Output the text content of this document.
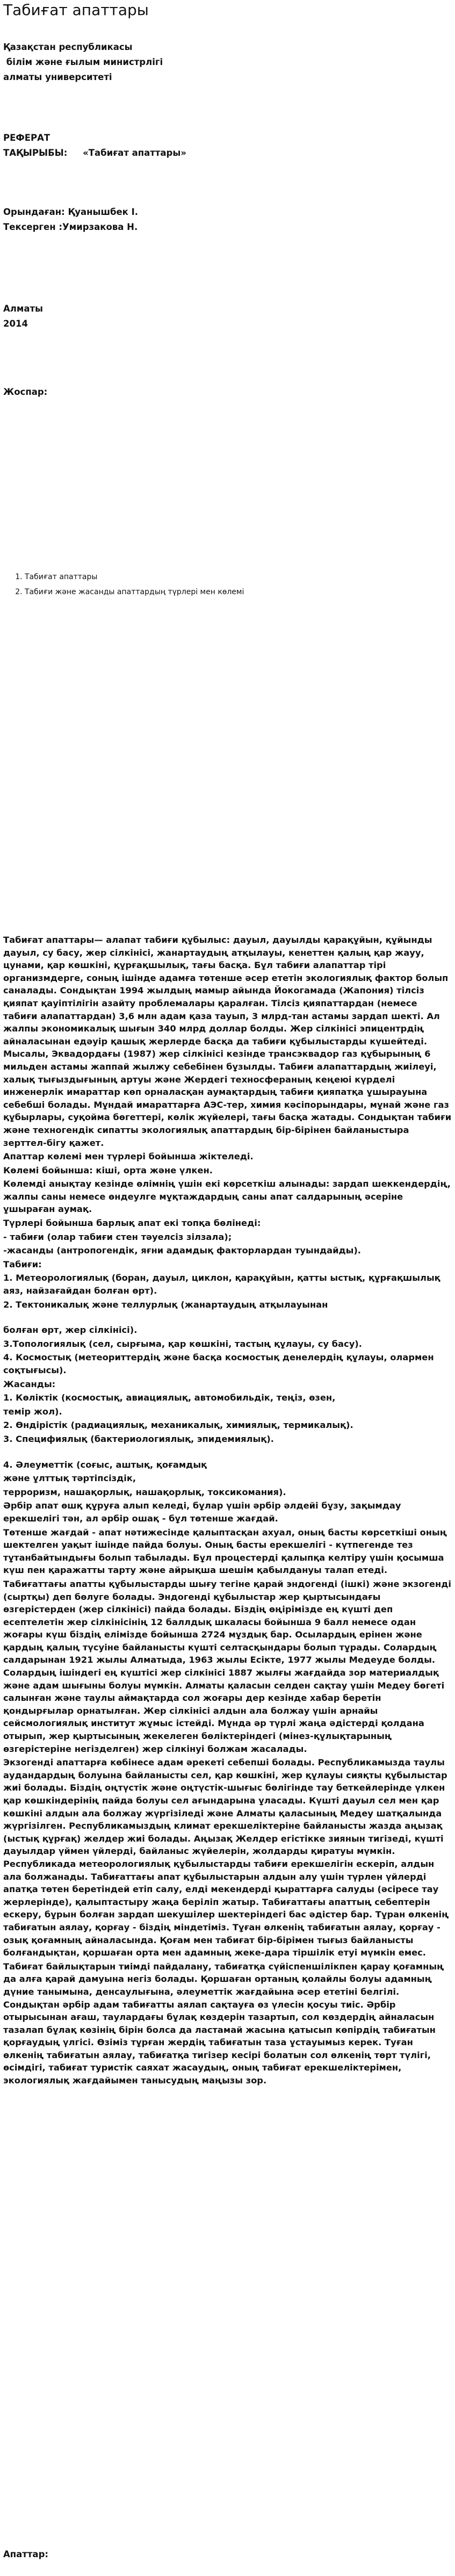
Табиғат апаттары
Қазақстан республикасы
білім және ғылым министрлігі
алматы университеті
РЕФЕРАТ
ТАҚЫРЫБЫ:     «Табиғат апаттары»
Орындаған: Қуанышбек І.
Тексерген :Умирзакова Н.
Алматы
2014
Жоспар:
1. Табиғат апаттары
2. Табиғи және жасанды апаттардың түрлері мен көлемі

Табиғат апаттары— алапат табиғи құбылыс: дауыл, дауылды қарақұйын, құйынды дауыл, су басу, жер сілкінісі, жанартаудың атқылауы, кенеттен қалың қар жауу, цунами, қар көшкіні, құрғақшылық, тағы басқа. Бұл табиғи алапаттар тірі организмдерге, соның ішінде адамға төтенше әсер ететін экологиялық фактор болып саналады. Сондықтан 1994 жылдың мамыр айында Йокогамада (Жапония) тілсіз қияпат қауіптілігін азайту проблемалары қаралған. Тілсіз қияпаттардан (немесе табиғи алапаттардан) 3,6 млн адам қаза тауып, 3 млрд-тан астамы зардап шекті. Ал жалпы экономикалық шығын 340 млрд доллар болды. Жер сілкінісі эпицентрдің айналасынан едәуір қашық жерлерде басқа да табиғи құбылыстарды күшейтеді. Мысалы, Эквадордағы (1987) жер сілкінісі кезінде трансэквадор газ құбырының 6 мильден астамы жаппай жылжу себебінен бұзылды. Табиғи алапаттардың жиілеуі, халық тығыздығының артуы және Жердегі техносфераның кеңеюі күрделі инженерлік имараттар көп орналасқан аумақтардың табиғи қияпатқа ұшырауына себебші болады. Мұндай имараттарға АЭС-тер, химия кәсіпорындары, мұнай және газ құбырлары, суқойма бөгеттері, көлік жүйелері, тағы басқа жатады. Сондықтан табиғи және техногендік сипатты экологиялық апаттардың бір-бірінен байланыстыра зерттел-бігу қажет.

Апаттар көлемі мен түрлері бойынша жіктеледі.

Көлемі бойынша: кіші, орта және үлкен.

Көлемді анықтау кезінде өлімнің үшін екі көрсеткіш алынады: зардап шеккендердің, жалпы саны немесе өндеулге мұқтаждардың саны апат салдарының әсеріне ұшыраған аумақ.

Түрлері бойынша барлық апат екі топқа бөлінеді:

- табиғи (олар табиғи стен тәуелсіз зілзала);

-жасанды (антропогендік, яғни адамдық факторлардан туындайды).

Табиғи:

1. Метеорологиялық (боран, дауыл, циклон, қарақұйын, қатты ыстық, құрғақшылық аяз, найзағайдан болған өрт).

2. Тектоникалық және теллурлық (жанартаудың атқылауынан

болған өрт, жер сілкінісі).

3.Топологиялық (сел, сырғыма, қар көшкіні, тастың құлауы, су басу).

4. Космостық (метеориттердің және басқа космостық денелердің құлауы, олармен соқтығысы).

Жасанды:

1. Көліктік (космостық, авиациялық, автомобильдік, теңіз, өзен,

темір жол).

2. Өндірістік (радиациялық, механикалық, химиялық, термикалық).

3. Специфиялық (бактериологиялық, эпидемиялық).

4. Әлеуметтік (соғыс, аштық, қоғамдық

және ұлттық тәртіпсіздік,

терроризм, нашақорлық, нашақорлық, токсикомания).

Әрбір апат өшқ құруға алып келеді, бұлар үшін әрбір әлдейі бұзу, зақымдау ерекшелігі тән, ал әрбір ошақ - бұл төтенше жағдай.

Төтенше жағдай - апат нәтижесінде қалыптасқан ахуал, оның басты көрсеткіші оның шектелген уақыт ішінде пайда болуы. Оның басты ерекшелігі - күтпегенде тез тұтанбайтындығы болып табылады. Бұл процестерді қалыпқа келтіру үшін қосымша күш пен қаражатты тарту және айрықша шешім қабылдануы талап етеді.

Табиғаттағы апатты құбылыстарды шығу тегіне қарай эндогенді (ішкі) және экзогенді (сыртқы) деп бөлуге болады. Эндогенді құбылыстар жер қыртысындағы өзгерістерден (жер сілкінісі) пайда болады. Біздің өңірімізде ең күшті деп есептелетін жер сілкінісінің 12 баллдық шкаласы бойынша 9 балл немесе одан жоғары күш біздің елімізде бойынша 2724 мұздық бар. Осылардың ерінен және қардың қалың түсуіне байланысты күшті селтасқындары болып тұрады. Солардың салдарынан 1921 жылы Алматыда, 1963 жылы Есікте, 1977 жылы Медеуде болды. Солардың ішіндегі ең күштісі жер сілкінісі 1887 жылғы жағдайда зор материалдық және адам шығыны болуы мүмкін. Алматы қаласын селден сақтау үшін Медеу бөгеті салынған және таулы аймақтарда сол жоғары дер кезінде хабар беретін қондырғылар орнатылған. Жер сілкінісі алдын ала болжау үшін арнайы сейсмологиялық институт жұмыс істейді. Мұнда әр түрлі жаңа әдістерді қолдана отырып, жер қыртысының жекелеген бөліктеріндегі (мінез-құлықтарының өзгерістеріне негізделген) жер сілкінуі болжам жасалады.

Экзогенді апаттарға көбінесе адам әрекеті себепші болады. Республикамызда таулы аудандардың болуына байланысты сел, қар көшкіні, жер құлауы сияқты құбылыстар жиі болады. Біздің оңтүстік және оңтүстік-шығыс бөлігінде тау беткейлерінде үлкен қар көшкіндерінің пайда болуы сел ағындарына ұласады. Күшті дауыл сел мен қар көшкіні алдын ала болжау жүргізіледі және Алматы қаласының Медеу шатқалында жүргізілген. Республикамыздың климат ерекшеліктеріне байланысты жазда аңызақ (ыстық құрғақ) желдер жиі болады. Аңызақ Желдер егістікке зиянын тигізеді, күшті дауылдар үймен үйлерді, байланыс жүйелерін, жолдарды қиратуы мүмкін. Республикада метеорологиялық құбылыстарды табиғи ерекшелігін ескеріп, алдын ала болжанады. Табиғаттағы апат құбылыстарын алдын алу үшін түрлен үйлерді апатқа төтен беретіндей етіп салу, елді мекендерді қыраттарға салуды (әсіресе тау жерлерінде), қалыптастыру жаңа беріліп жатыр. Табиғаттағы апаттың себептерін ескеру, бұрын болған зардап шекушілер шектеріндегі бас әдістер бар. Тұран өлкенің табиғатын аялау, қорғау - біздің міндетіміз. Тұған өлкенің табиғатын аялау, қорғау - озық қоғамның айналасында. Қоғам мен табиғат бір-бірімен тығыз байланысты болғандықтан, қоршаған орта мен адамның жеке-дара тіршілік етуі мүмкін емес.

Табиғат байлықтарын тиімді пайдалану, табиғатқа сүйіспеншілікпен қарау қоғамның да алға қарай дамуына негіз болады. Қоршаған ортаның қолайлы болуы адамның дүние танымына, денсаулығына, әлеуметтік жағдайына әсер ететіні белгілі. Сондықтан әрбір адам табиғатты аялап сақтауға өз үлесін қосуы тиіс. Әрбір отырысынан ағаш, таулардағы бұлақ көздерін тазартып, сол көздердің айналасын тазалап бұлақ көзінің бірін болса да ластамай жасына қатысып көпірдің табиғатын қорғаудың үлгісі. Өзіміз тұрған жердің табиғатын таза ұстауымыз керек. Туған өлкенің табиғатын аялау, табиғатқа тигізер кесірі болатын сол өлкенің төрт түлігі, өсімдігі, табиғат туристік саяхат жасаудың, оның табиғат ерекшеліктерімен, экологиялық жағдайымен танысудың маңызы зор.

Апаттар:
